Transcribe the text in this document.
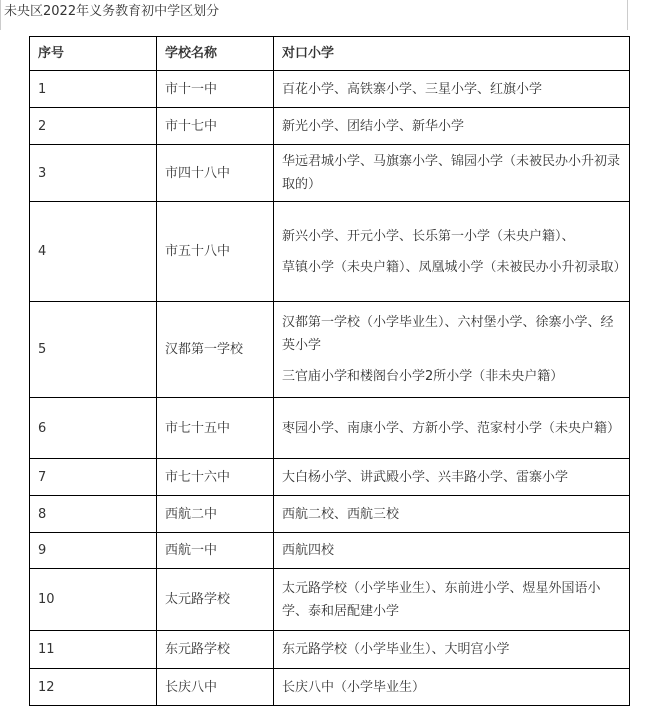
未央区2022年义务教育初中学区划分
序号	学校名称	对口小学
1	市十一中	百花小学、高铁寨小学、三星小学、红旗小学

2	市十七中	新光小学、团结小学、新华小学

3	市四十八中	华远君城小学、马旗寨小学、锦园小学（未被民办小升初录取的）

4	市五十八中	新兴小学、开元小学、长乐第一小学（未央户籍）、

草镇小学（未央户籍）、凤凰城小学（未被民办小升初录取）

5	汉都第一学校	汉都第一学校（小学毕业生）、六村堡小学、徐寨小学、经英小学

三官庙小学和楼阁台小学2所小学（非未央户籍）

6	市七十五中	枣园小学、南康小学、方新小学、范家村小学（未央户籍）

7	市七十六中	大白杨小学、讲武殿小学、兴丰路小学、雷寨小学

8	西航二中	西航二校、西航三校

9	西航一中	西航四校

10	太元路学校	太元路学校（小学毕业生）、东前进小学、煜星外国语小学、泰和居配建小学

11	东元路学校	东元路学校（小学毕业生）、大明宫小学

12	长庆八中	长庆八中（小学毕业生）
